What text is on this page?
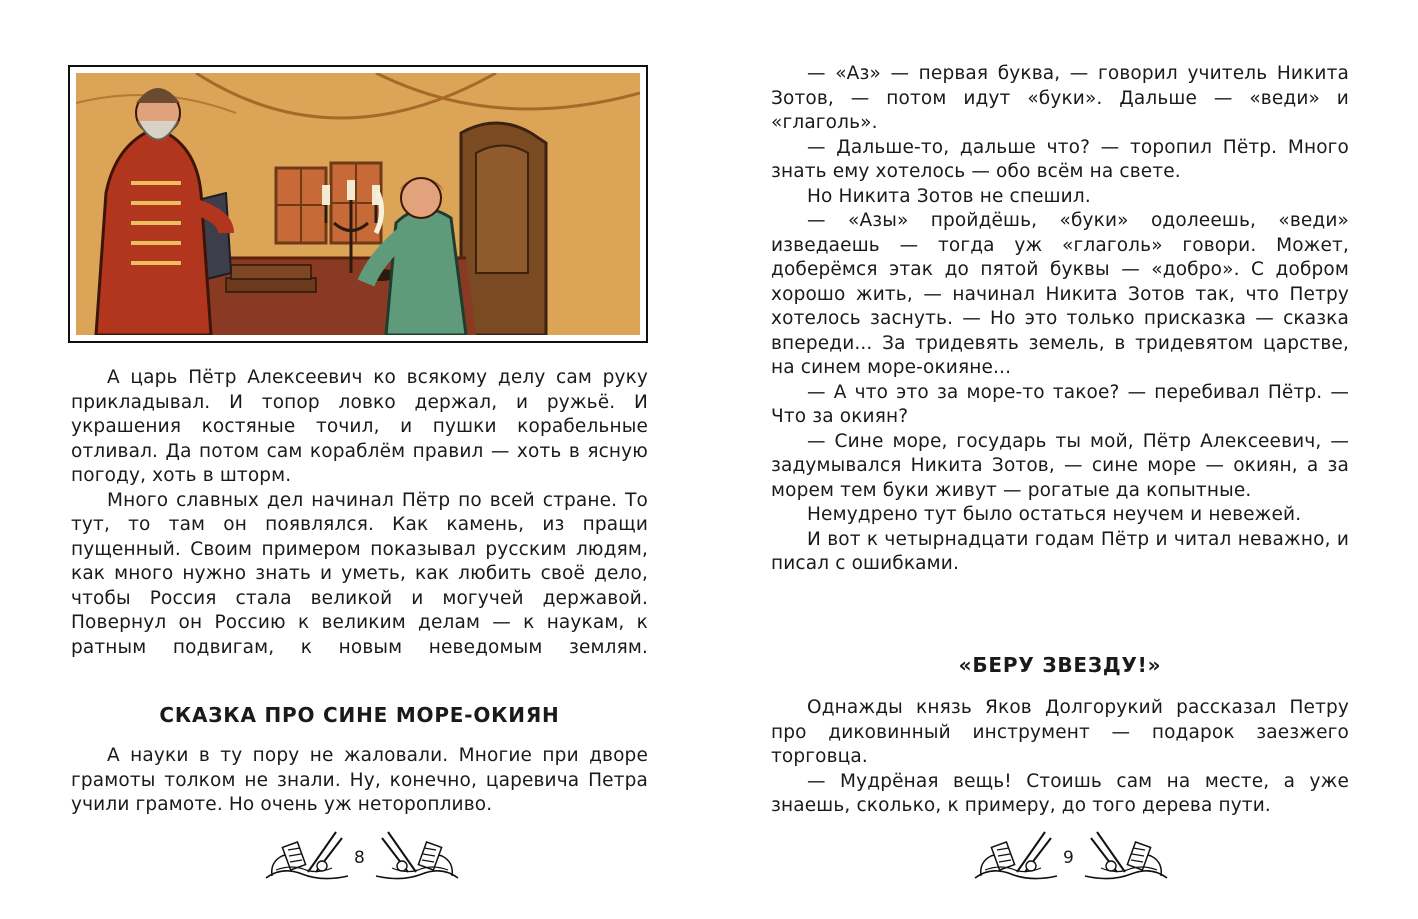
А царь Пётр Алексеевич ко всякому делу сам руку прикладывал. И топор ловко держал, и ружьё. И украшения костяные точил, и пушки корабельные отливал. Да потом сам кораблём правил — хоть в ясную погоду, хоть в шторм.

Много славных дел начинал Пётр по всей стране. То тут, то там он появлялся. Как камень, из пращи пущенный. Своим примером показывал русским людям, как много нужно знать и уметь, как любить своё дело, чтобы Россия стала великой и могучей державой. Повернул он Россию к великим делам — к наукам, к ратным подвигам, к новым неведомым землям.

СКАЗКА ПРО СИНЕ МОРЕ-ОКИЯН

А науки в ту пору не жаловали. Многие при дворе грамоты толком не знали. Ну, конечно, царевича Петра учили грамоте. Но очень уж неторопливо.

8

— «Аз» — первая буква, — говорил учитель Никита Зотов, — потом идут «буки». Дальше — «веди» и «глаголь».

— Дальше-то, дальше что? — торопил Пётр. Много знать ему хотелось — обо всём на свете.

Но Никита Зотов не спешил.

— «Азы» пройдёшь, «буки» одолеешь, «веди» изведаешь — тогда уж «глаголь» говори. Может, доберёмся этак до пятой буквы — «добро». С добром хорошо жить, — начинал Никита Зотов так, что Петру хотелось заснуть. — Но это только присказка — сказка впереди... За тридевять земель, в тридевятом царстве, на синем море-окияне...

— А что это за море-то такое? — перебивал Пётр. — Что за окиян?

— Сине море, государь ты мой, Пётр Алексеевич, — задумывался Никита Зотов, — сине море — окиян, а за морем тем буки живут — рогатые да копытные.

Немудрено тут было остаться неучем и невежей.

И вот к четырнадцати годам Пётр и читал неважно, и писал с ошибками.

«БЕРУ ЗВЕЗДУ!»

Однажды князь Яков Долгорукий рассказал Петру про диковинный инструмент — подарок заезжего торговца.

— Мудрёная вещь! Стоишь сам на месте, а уже знаешь, сколько, к примеру, до того дерева пути.

9
